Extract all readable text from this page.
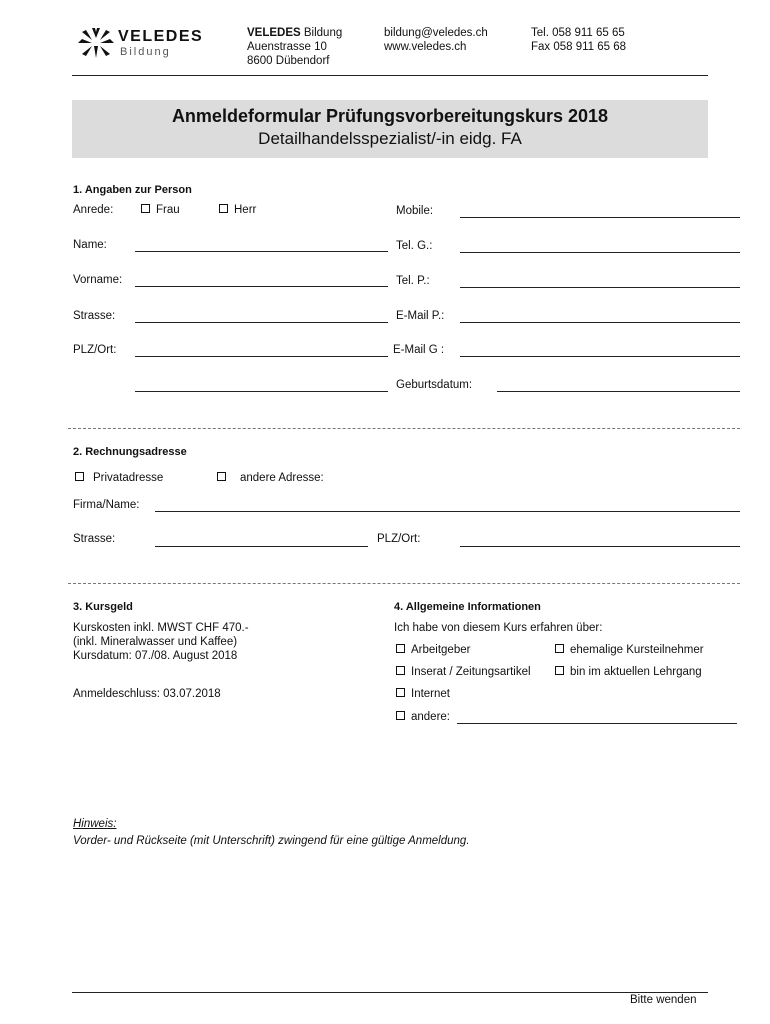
VELEDES
Bildung
VELEDES Bildung
Auenstrasse 10
8600 Dübendorf
bildung@veledes.ch
www.veledes.ch
Tel. 058 911 65 65
Fax 058 911 65 68
Anmeldeformular Prüfungsvorbereitungskurs 2018
Detailhandelsspezialist/-in eidg. FA
1. Angaben zur Person
Anrede:	Frau	Herr	Mobile:
Name:	Tel. G.:
Vorname:	Tel. P.:
Strasse:	E-Mail P.:
PLZ/Ort:	E-Mail G :
Geburtsdatum:
2. Rechnungsadresse
Privatadresse	andere Adresse:
Firma/Name:
Strasse:	PLZ/Ort:
3. Kursgeld
Kurskosten inkl. MWST CHF 470.-
(inkl. Mineralwasser und Kaffee)
Kursdatum: 07./08. August 2018
Anmeldeschluss: 03.07.2018
4. Allgemeine Informationen
Ich habe von diesem Kurs erfahren über:
Arbeitgeber	ehemalige Kursteilnehmer
Inserat / Zeitungsartikel	bin im aktuellen Lehrgang
Internet
andere:
Hinweis:
Vorder- und Rückseite (mit Unterschrift) zwingend für eine gültige Anmeldung.
Bitte wenden
